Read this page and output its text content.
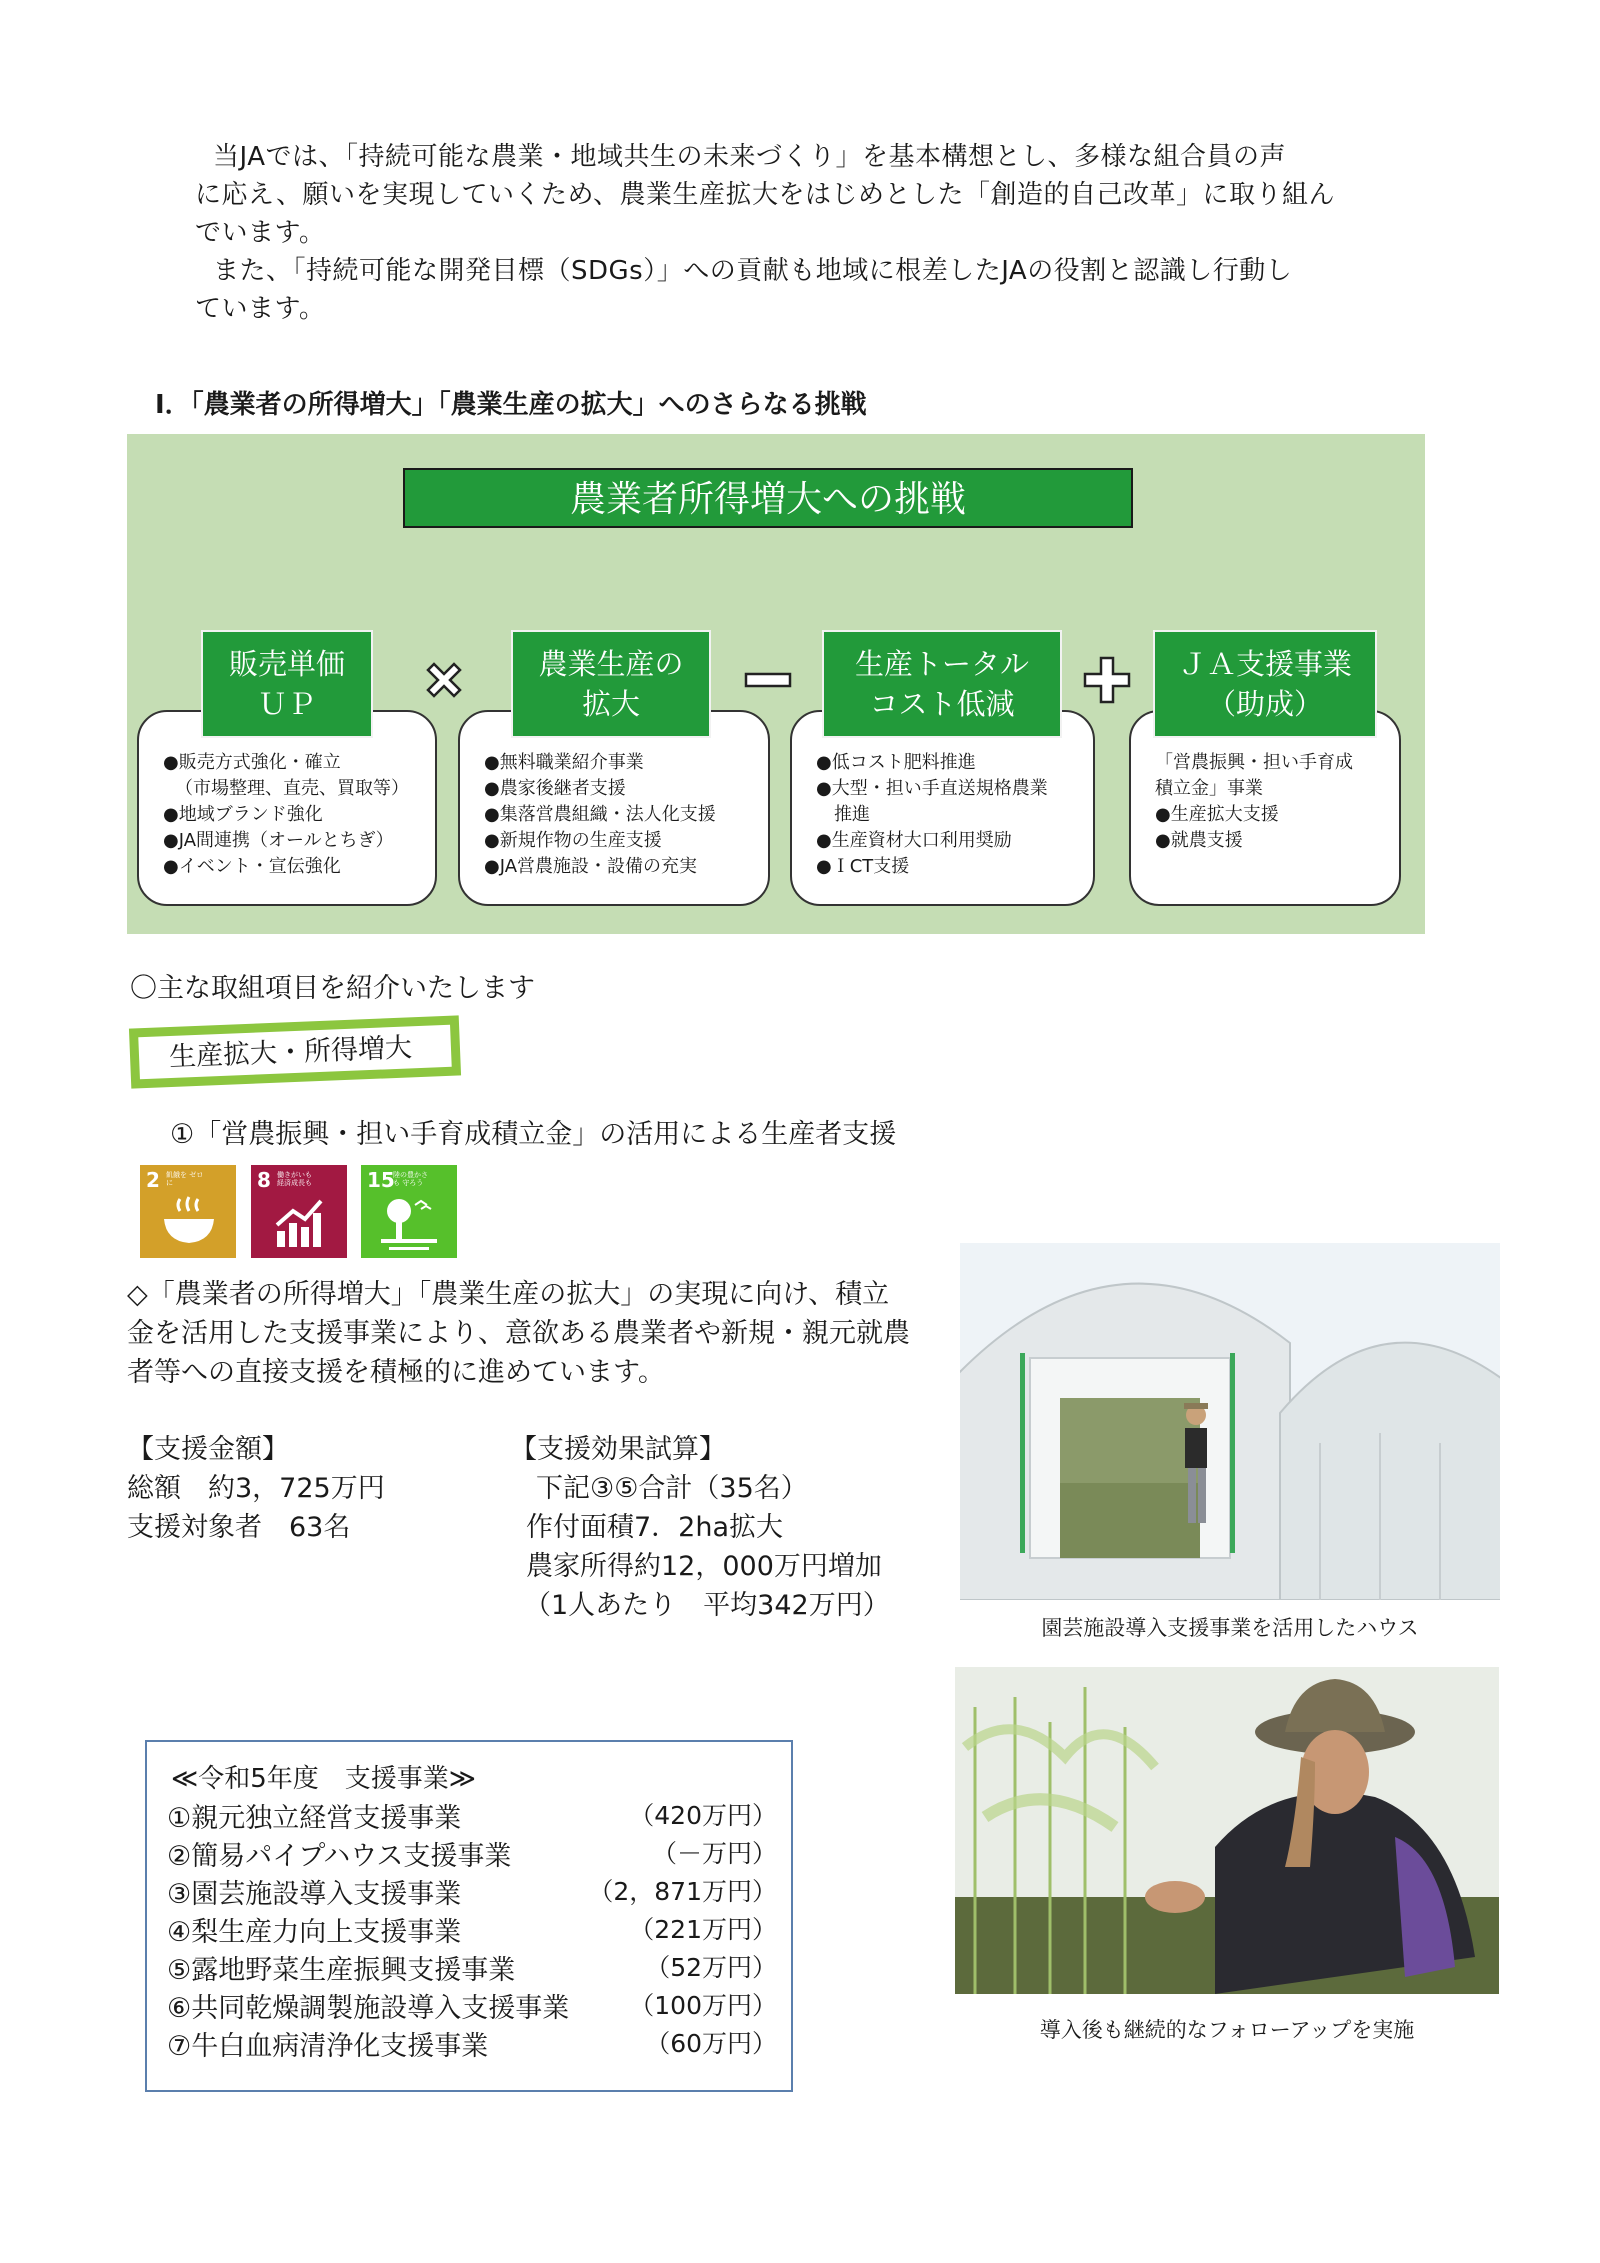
当JAでは、「持続可能な農業・地域共生の未来づくり」を基本構想とし、多様な組合員の声

に応え、願いを実現していくため、農業生産拡大をはじめとした「創造的自己改革」に取り組ん

でいます。

また、「持続可能な開発目標（SDGs）」への貢献も地域に根差したJAの役割と認識し行動し

ています。

Ⅰ．「農業者の所得増大」「農業生産の拡大」へのさらなる挑戦
農業者所得増大への挑戦
●販売方式強化・確立
（市場整理、直売、買取等）
●地域ブランド強化
●JA間連携（オールとちぎ）
●イベント・宣伝強化
●無料職業紹介事業
●農家後継者支援
●集落営農組織・法人化支援
●新規作物の生産支援
●JA営農施設・設備の充実
●低コスト肥料推進
●大型・担い手直送規格農業
推進
●生産資材大口利用奨励
●ＩCT支援
「営農振興・担い手育成
積立金」事業
●生産拡大支援
●就農支援
販売単価
ＵＰ
農業生産の
拡大
生産トータル
コスト低減
ＪＡ支援事業
（助成）
〇主な取組項目を紹介いたします
生産拡大・所得増大
①「営農振興・担い手育成積立金」の活用による生産者支援
2 飢餓を ゼロに	8 働きがいも 経済成長も	15
陸の豊かさも 守ろう
◇「農業者の所得増大」「農業生産の拡大」の実現に向け、積立
金を活用した支援事業により、意欲ある農業者や新規・親元就農
者等への直接支援を積極的に進めています。
【支援金額】
総額　約3，725万円
支援対象者　63名
【支援効果試算】
下記③⑤合計（35名）
作付面積7．2ha拡大
農家所得約12，000万円増加
（1人あたり　平均342万円）
園芸施設導入支援事業を活用したハウス
導入後も継続的なフォローアップを実施
≪令和5年度　支援事業≫
①親元独立経営支援事業	（420万円）
②簡易パイプハウス支援事業	（－万円）
③園芸施設導入支援事業	（2，871万円）
④梨生産力向上支援事業	（221万円）
⑤露地野菜生産振興支援事業	（52万円）
⑥共同乾燥調製施設導入支援事業 （100万円）
⑦牛白血病清浄化支援事業	（60万円）
